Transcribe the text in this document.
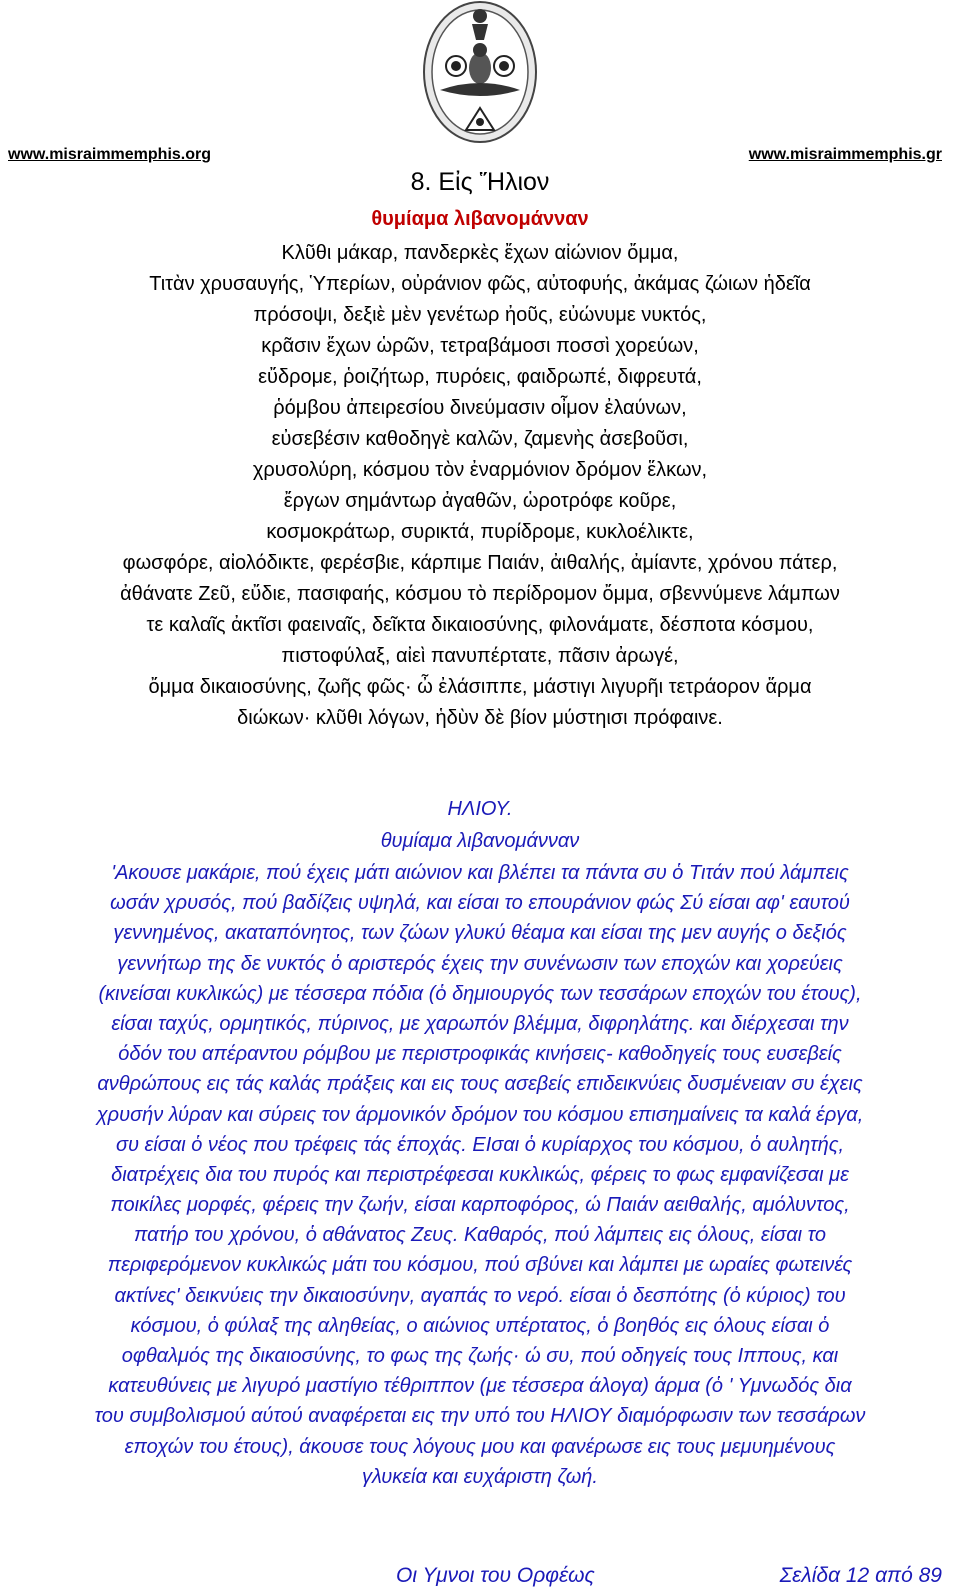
www.misraimmemphis.org	www.misraimmemphis.gr
8. Εἰς Ἥλιον
θυμίαμα λιβανομάνναν
Κλῦθι μάκαρ, πανδερκὲς ἔχων αἰώνιον ὄμμα,
Τιτὰν χρυσαυγής, Ὑπερίων, οὐράνιον φῶς, αὐτοφυής, ἀκάμας ζώιων ἡδεῖα
πρόσοψι, δεξιὲ μὲν γενέτωρ ἠοῦς, εὐώνυμε νυκτός,
κρᾶσιν ἔχων ὡρῶν, τετραβάμοσι ποσσὶ χορεύων,
εὔδρομε, ῥοιζήτωρ, πυρόεις, φαιδρωπέ, διφρευτά,
ῥόμβου ἀπειρεσίου δινεύμασιν οἶμον ἐλαύνων,
εὐσεβέσιν καθοδηγὲ καλῶν, ζαμενὴς ἀσεβοῦσι,
χρυσολύρη, κόσμου τὸν ἐναρμόνιον δρόμον ἕλκων,
ἔργων σημάντωρ ἀγαθῶν, ὡροτρόφε κοῦρε,
κοσμοκράτωρ, συρικτά, πυρίδρομε, κυκλοέλικτε,
φωσφόρε, αἰολόδικτε, φερέσβιε, κάρπιμε Παιάν, ἀιθαλής, ἀμίαντε, χρόνου πάτερ,
ἀθάνατε Ζεῦ, εὔδιε, πασιφαής, κόσμου τὸ περίδρομον ὄμμα, σβεννύμενε λάμπων
τε καλαῖς ἀκτῖσι φαειναῖς, δεῖκτα δικαιοσύνης, φιλονάματε, δέσποτα κόσμου,
πιστοφύλαξ, αἰεὶ πανυπέρτατε, πᾶσιν ἀρωγέ,
ὄμμα δικαιοσύνης, ζωῆς φῶς· ὦ ἐλάσιππε, μάστιγι λιγυρῆι τετράορον ἅρμα
διώκων· κλῦθι λόγων, ἡδὺν δὲ βίον μύστηισι πρόφαινε.
ΗΛΙΟΥ.
θυμίαμα λιβανομάνναν
'Ακουσε μακάριε, πού έχεις μάτι αιώνιον και βλέπει τα πάντα συ ὁ Τιτάν πού λάμπεις
ωσάν χρυσός, πού βαδίζεις υψηλά, και είσαι το επουράνιον φώς Σύ είσαι αφ' εαυτού
γεννημένος, ακαταπόνητος, των ζώων γλυκύ θέαμα και είσαι της μεν αυγής ο δεξιός
γεννήτωρ της δε νυκτός ὁ αριστερός έχεις την συνένωσιν των εποχών και χορεύεις
(κινείσαι κυκλικώς) με τέσσερα πόδια (ὁ δημιουργός των τεσσάρων εποχών του έτους),
είσαι ταχύς, ορμητικός, πύρινος, με χαρωπόν βλέμμα, διφρηλάτης. και διέρχεσαι την
όδόν του απέραντου ρόμβου με περιστροφικάς κινήσεις- καθοδηγείς τους ευσεβείς
ανθρώπους εις τάς καλάς πράξεις και εις τους ασεβείς επιδεικνύεις δυσμένειαν συ έχεις
χρυσήν λύραν και σύρεις τον άρμονικόν δρόμον του κόσμου επισημαίνεις τα καλά έργα,
συ είσαι ὁ νέος που τρέφεις τάς έποχάς. ΕΙσαι ὁ κυρίαρχος του κόσμου, ὁ αυλητής,
διατρέχεις δια του πυρός και περιστρέφεσαι κυκλικώς, φέρεις το φως εμφανίζεσαι με
ποικίλες μορφές, φέρεις την ζωήν, είσαι καρποφόρος, ώ Παιάν αειθαλής, αμόλυντος,
πατήρ του χρόνου, ὁ αθάνατος Ζευς. Καθαρός, πού λάμπεις εις όλους, είσαι το
περιφερόμενον κυκλικώς μάτι του κόσμου, πού σβύνει και λάμπει με ωραίες φωτεινές
ακτίνες' δεικνύεις την δικαιοσύνην, αγαπάς το νερό. είσαι ὁ δεσπότης (ὁ κύριος) του
κόσμου, ὁ φύλαξ της αληθείας, ο αιώνιος υπέρτατος, ὁ βοηθός εις όλους είσαι ὁ
οφθαλμός της δικαιοσύνης, το φως της ζωής· ώ συ, πού οδηγείς τους Ιππους, και
κατευθύνεις με λιγυρό μαστίγιο τέθριππον (με τέσσερα άλογα) άρμα (ὁ ' Υμνωδός δια
του συμβολισμού αύτού αναφέρεται εις την υπό του ΗΛΙΟΥ διαμόρφωσιν των τεσσάρων
εποχών του έτους), άκουσε τους λόγους μου και φανέρωσε εις τους μεμυημένους
γλυκεία και ευχάριστη ζωή.
Οι Υμνοι του Ορφέως	Σελίδα 12 από 89
